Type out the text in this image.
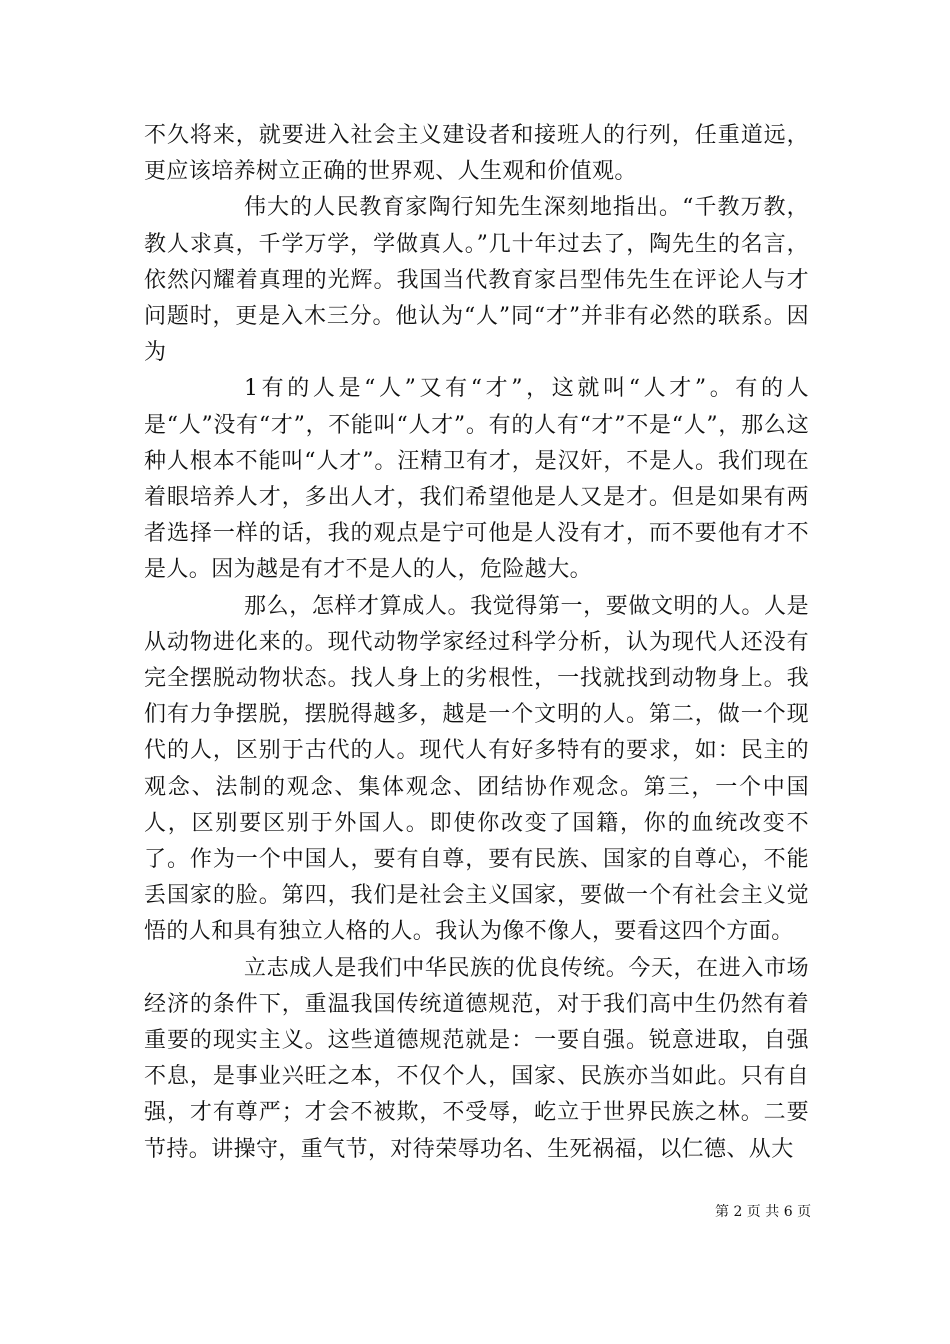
不久将来，就要进入社会主义建设者和接班人的行列，任重道远，更应该培养树立正确的世界观、人生观和价值观。

伟大的人民教育家陶行知先生深刻地指出。“千教万教，教人求真，千学万学，学做真人。”几十年过去了，陶先生的名言，依然闪耀着真理的光辉。我国当代教育家吕型伟先生在评论人与才问题时，更是入木三分。他认为“人”同“才”并非有必然的联系。因为

1有的人是“人”又有“才”，这就叫“人才”。有的人是“人”没有“才”，不能叫“人才”。有的人有“才”不是“人”，那么这种人根本不能叫“人才”。汪精卫有才，是汉奸，不是人。我们现在着眼培养人才，多出人才，我们希望他是人又是才。但是如果有两者选择一样的话，我的观点是宁可他是人没有才，而不要他有才不是人。因为越是有才不是人的人，危险越大。

那么，怎样才算成人。我觉得第一，要做文明的人。人是从动物进化来的。现代动物学家经过科学分析，认为现代人还没有完全摆脱动物状态。找人身上的劣根性，一找就找到动物身上。我们有力争摆脱，摆脱得越多，越是一个文明的人。第二，做一个现代的人，区别于古代的人。现代人有好多特有的要求，如：民主的观念、法制的观念、集体观念、团结协作观念。第三，一个中国人，区别要区别于外国人。即使你改变了国籍，你的血统改变不了。作为一个中国人，要有自尊，要有民族、国家的自尊心，不能丢国家的脸。第四，我们是社会主义国家，要做一个有社会主义觉悟的人和具有独立人格的人。我认为像不像人，要看这四个方面。

立志成人是我们中华民族的优良传统。今天，在进入市场经济的条件下，重温我国传统道德规范，对于我们高中生仍然有着重要的现实主义。这些道德规范就是：一要自强。锐意进取，自强不息，是事业兴旺之本，不仅个人，国家、民族亦当如此。只有自强，才有尊严；才会不被欺，不受辱，屹立于世界民族之林。二要节持。讲操守，重气节，对待荣辱功名、生死祸福，以仁德、从大

第 2 页 共 6 页
